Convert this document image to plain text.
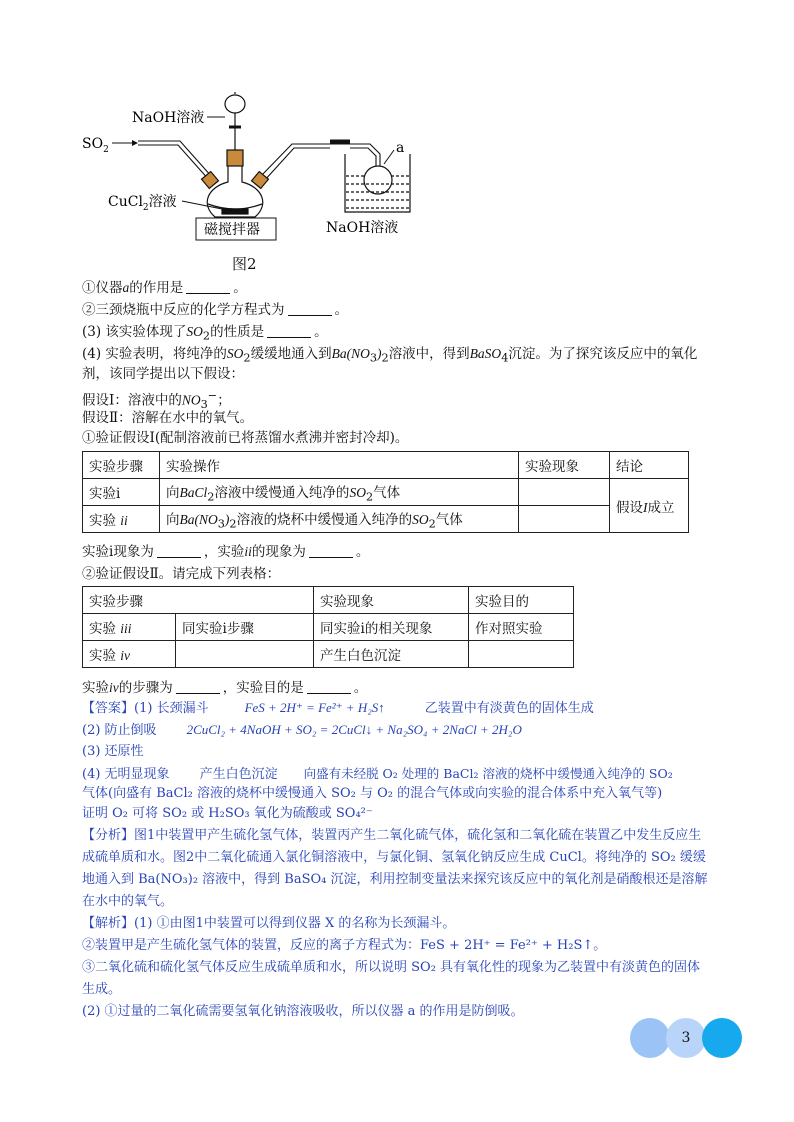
NaOH溶液
$SO_2$
CuCl$_2$溶液
磁搅拌器
a
NaOH溶液
图2
①仪器a的作用是	。
②三颈烧瓶中反应的化学方程式为	。
(3) 该实验体现了$SO_2$的性质是	。
(4) 实验表明，将纯净的$SO_2$缓缓地通入到$Ba(NO_3)_2$溶液中，得到BaSO$_4$沉淀。为了探究该反应中的氧化
剂，该同学提出以下假设：
假设Ⅰ：溶液中的$NO_3^-$；
假设Ⅱ：溶解在水中的氧气。
①验证假设Ⅰ(配制溶液前已将蒸馏水煮沸并密封冷却)。
实验步骤	实验操作	实验现象	结论
实验ⅰ	向BaCl$_2$溶液中缓慢通入纯净的$SO_2$气体		假设I成立
实验 ii	向$Ba(NO_3)_2$溶液的烧杯中缓慢通入纯净的$SO_2$气体		
实验ⅰ现象为	，实验ii的现象为	。
②验证假设Ⅱ。请完成下列表格：
实验步骤		实验现象	实验目的
实验 iii	同实验ⅰ步骤	同实验ⅰ的相关现象	作对照实验
实验 iv		产生白色沉淀	
实验iv的步骤为	，实验目的是	。
【答案】(1) 长颈漏斗	FeS + 2H⁺ = Fe²⁺ + H₂S↑	乙装置中有淡黄色的固体生成
(2) 防止倒吸 2CuCl₂ + 4NaOH + SO₂ = 2CuCl↓ + Na₂SO₄ + 2NaCl + 2H₂O
(3) 还原性
(4) 无明显现象 产生白色沉淀 向盛有未经脱 O₂ 处理的 BaCl₂ 溶液的烧杯中缓慢通入纯净的 SO₂
气体(向盛有 BaCl₂ 溶液的烧杯中缓慢通入 SO₂ 与 O₂ 的混合气体或向实验的混合体系中充入氧气等)
证明 O₂ 可将 SO₂ 或 H₂SO₃ 氧化为硫酸或 SO₄²⁻
【分析】图1中装置甲产生硫化氢气体，装置丙产生二氧化硫气体，硫化氢和二氧化硫在装置乙中发生反应生
成硫单质和水。图2中二氧化硫通入氯化铜溶液中，与氯化铜、氢氧化钠反应生成 CuCl。将纯净的 SO₂ 缓缓
地通入到 Ba(NO₃)₂ 溶液中，得到 BaSO₄ 沉淀，利用控制变量法来探究该反应中的氧化剂是硝酸根还是溶解
在水中的氧气。
【解析】(1) ①由图1中装置可以得到仪器 X 的名称为长颈漏斗。
②装置甲是产生硫化氢气体的装置，反应的离子方程式为：FeS + 2H⁺ = Fe²⁺ + H₂S↑。
③二氧化硫和硫化氢气体反应生成硫单质和水，所以说明 SO₂ 具有氧化性的现象为乙装置中有淡黄色的固体
生成。
(2) ①过量的二氧化硫需要氢氧化钠溶液吸收，所以仪器 a 的作用是防倒吸。
3
